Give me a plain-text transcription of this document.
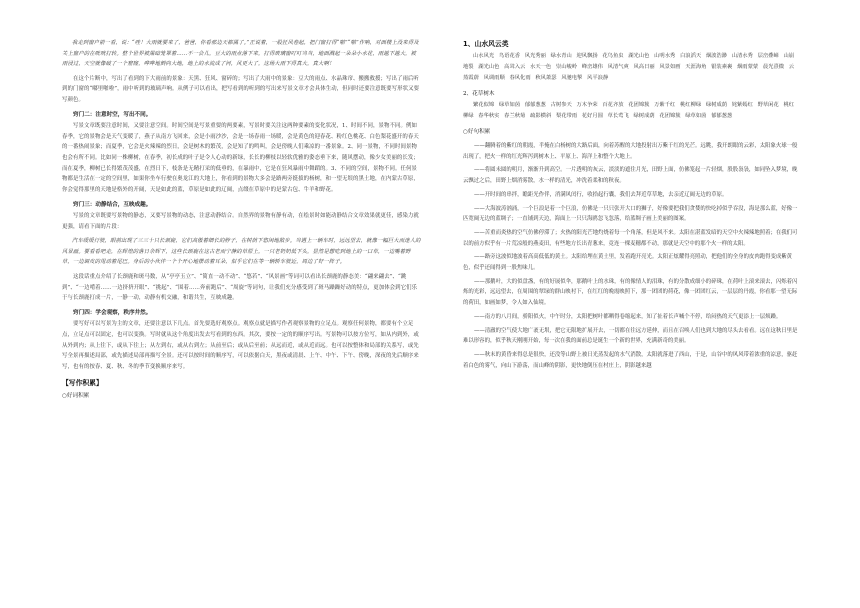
我走到窗户前一看，说：“哇！大雨就要来了，爸爸，你看那边天都黑了。”正说着，一股狂风卷起，把门窗打得“啪”“啪”作响，对面楼上没来得及关上窗户的在咣咣打转。整个世界被黑暗笼罩着……不一会儿，豆大的雨点落下来，打得玻璃窗叮叮当当，地面溅起一朵朵小水花，雨越下越大，被雨浸过，天空就像破了一个窟窿，哗哗地倒向大地，地上的水流成了河，风更大了，这场大雨下得真大，真大啊！

在这个片断中，写出了看到的下大雨前的景象：天黑、狂风、窗碎的；写出了大雨中的景象：豆大的雨点、水晶珠帘、搬搬救援；写出了雨后听到的门窗的“嘟里啪啦”，雨中听到的玻璃声响。从例子可以看出，把写看到的听到的写出来写景文章才会具体生动，但同时还要注意既要写形状又要写颜色。

窍门二：注意时空，写出不同。

写景文章既要注意时间，又要注意空间。时间空间是写景重要的两要素，写景时要关注这两种要素的变化状况，1、时间不同，景物不同。例如春季，它的景物会是天气变暖了，燕子从南方飞回来，会是小雨沙沙，会是一场春雨一场暖，会是黄色的迎春花、粉红色桃花、白色梨花盛开的春天的一番热闹景象；而夏季，它会是火辣辣的烈日，会是树木的繁茂，会是知了的鸣叫，会是傍晚人们乘凉的一番景象。2、同一景物，不同时间景物也会有所不同。比如同一株柳树，在春季，初长成的叶子是令人心动的新绿，长长的柳枝以轻软优雅的姿态垂下来，随风摆动，像少女美丽的长发；而在夏季，柳树已长得繁茂茂盛，在烈日下，枝条是无精打采的低垂的，在暴雨中，它是在狂风暴雨中舞蹈的。3、不同的空间，景物不同。任何景物都是生活在一定的空间里，如果你坐车行驶在奥龙江的大地上，你看到的景物大多会是路两旁挺拔的杨树，和一望无垠的黑土地，在内蒙古草原，你会觉得那里的天地是格外的开阔，天是如此的蓝，草原是如此的辽阔，点缀在草原中的是蒙古包、牛羊和野花。

窍门三：动静结合，互映成趣。

写景的文章既要写景物的静态，又要写景物的动态，注意动静结合。自然界的景物有静有动，在绘景时如能动静结合文章效果就更佳，感染力就更强，请看下面的片段：

汽车缓缓行驶，眼前出现了三三十只长颈鹿，它们高傲着细长的脖子，在树荫下悠闲地散步。当遇上一辆车时，远远望去，就像一幅巨大而迷人的风景画。要看看吧走，在辉煌的落日余辉下，这些长颈鹿在这古老而宁静的草原上，一只老奶奶低下头，显然是想吃到地上的一口草，一边嘴着野草，一边调皮的甩动着尾巴。身后的小伙伴一个个开心地摆动着耳朵，似乎它们在等一辆轿车驶近，周边了好一阵子。

这段话重点介绍了长颈鹿和斑马数，从“亭亭玉立”、“简直一动不动”、“悠若”、“风景画”等词可以看出长颈鹿的静态美：“翩来翩去”、“跳到”、“一边啃着……一边挤挤开眼”、“挑起”、“围着……奔前跑后”、“周旋”等词句，让我们充分感受到了斑马躁躁好动的特点，更加体会到它们乐于与长颈鹿打成一片，一静一动，动静有机交融，和谐共生，互映成趣。

窍门四：学会观察，秩序井然。

要写好可以写景为主的文章，还要注意以下几点。首先要选好观察点。观察点就是描写作者观察景物的立足点。观察任何景物，都要有个立足点，立足点可以固定，也可以变换。写时就从这个角度出发去写看到的东西。其次，要按一定的的顺序写出。写景物可以按方位写，如从内到外，或从外到内；从上往下，或从下往上；从左到右，或从右到左；从前至后；或从后至前；从远而近，或从近而远。也可以按整体和局部的关系写，或先写全景再描述局部，或先描述局部再描写全景。还可以按时间的顺序写，可以依据白天，黑夜或清晨、上午、中午、下午、傍晚，深夜的先后顺序来写，也有的按春、夏、秋、冬的季节变换顺序来写。

【写作积累】

○好词积累

1、山水风云类

山水风光 鸟语花香 风光秀丽 绿水青山 迎风飘扬 花鸟鱼虫 湖光山色 山明水秀 白浪滔天 烟波浩渺 山清水秀 层峦叠嶂 山崩地裂 湖光山色 高耸入云 水天一色 崇山峻岭 峰峦雄伟 风清气爽 风高日丽 风景如画 天涯海角 银装素裹 烟雨蒙蒙 晨光熹微 云蒸霞蔚 风调雨顺 春风化雨 秋风萧瑟 风驰电掣 风平浪静

2、花草树木

繁花似锦 绿草如茵 郁郁葱葱 古树参天 万木争荣 百花齐放 花团锦簇 万紫千红 桃红柳绿 绿树成荫 姹紫嫣红 野草闲花 桃红柳绿 春华秋实 春兰秋菊 疏影横斜 梨花带雨 花好月圆 草长莺飞 绿树成荫 花团锦簇 绿草如茵 郁郁葱葱

○好句积累

——翻腾着的紫红的朝霞，半掩在白杨树的大路后面，向着苏醒的大地投射出万紫千红的光芒。远眺，我开朗眼的云彩，太阳象火球一般出现了，把火一样的红光辉泻到树木上、平原上、海洋上和整个大地上。

——将圆未圆的明月，渐渐升到高空。一片透明的灰云，淡淡的遮住月光，田野上面，仿佛笼起一片轻烟，股股袅袅，如同坠入梦境，晚云飘过之后，田野上烟消雾散，水一样的清光，冲洗着柔和的秋夜。

——开时间的串拌，瞻距光作伴，消满风闰行，收拾起行囊，我们去拜近草草地，去亲近辽阔无边的草原。

——大海波涛汹涌，一个巨浪是着一个巨浪，仿佛是一只只张开大口的狮子，好像要把我们贪婪的快吃掉似乎吞没，海是那么蓝，好像一匹宽阔无边的蓝绸子；一直铺到天边，海面上一只只海鸥忽飞忽落，给蓝绸子画上美丽的图案。

——苦重而炎热的空气仿佛停滞了；火热的阳光芒地灼烧着每一个角落，但是风不来。太阳在湛蓝发暗的天空中火辣辣地照着；在我们可以的前方似乎有一片荒凉般的燕麦田，有些地方长出青葱来，竟连一棵麦穗都不动，那就是天空中的那个火一样的太阳。

——路旁这波似地波着高高低低的黄土。太阳给埋在黄土里，发着跑开亮光。太阳正炫耀得亮照动，把他们的全身的皮肉跑得变成紫黄色，似乎还闻得到一股焦味儿。

——那鹅叶，大的似盘盏，有的好展似伞，那鹅叶上的水珠，有的像情人的泪珠，有的分散成细小的碎珠，在荷叶上滚来滚去，闪烁着闪烁的光彩，远远望去，在周围的翠绿的群山映衬下，在红红的晚霞映照下，那一团团的荷花，像一团团红云，一层层的丹霞，你看那一望无际的荷田，如画如梦，令人如入仙境。

——南方的八月间，骄阳似火，中午时分，太阳把树叶都晒得卷缩起来，知了扯着长声喊个不停，给闷热的天气更添上一层烦躁。

——清澈的空气使大地广袤无垠，把它无限地扩展开去，一切都在往远方延伸，而且在召唤人们也到大地的尽头去看看。远在这秋日里是难以形容的，似乎秋天刚刚开始，每一次在我的面前总是诞生一个新的世界，充满新奇的美丽。

——秋末的黄昏来得总是很快，还没等山野上被日光蒸发起的水气消散，太阳就落进了西山，于是，山谷中的风风带着浓重的凉意，驱赶着白色的雾气，向山下游荡，而山峰的阴影，更快地倒压在村庄上，阴影越来越
